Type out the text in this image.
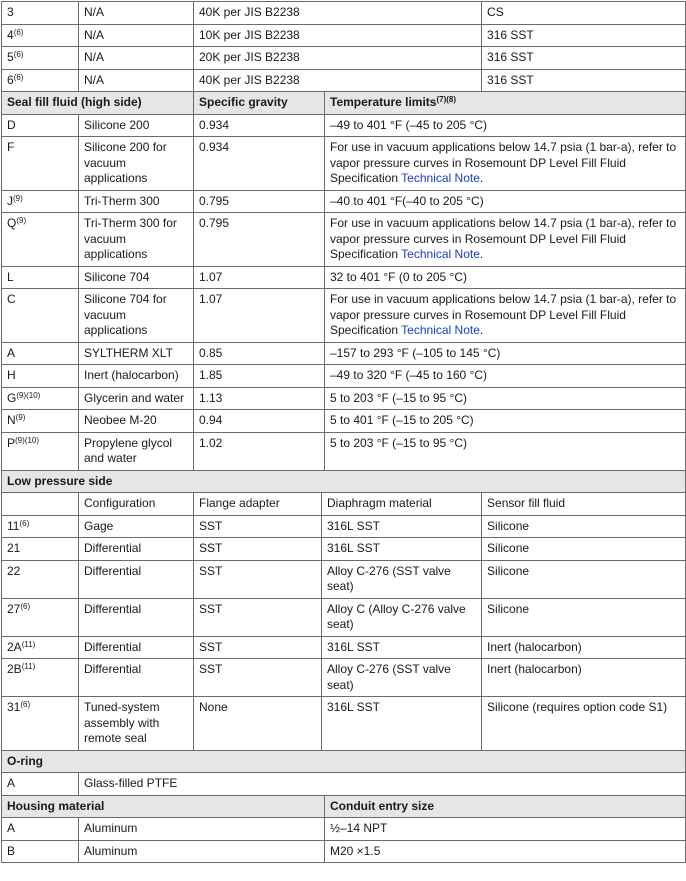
3	N/A	40K per JIS B2238			CS
4$^{(6)}$	N/A	10K per JIS B2238			316 SST
5$^{(6)}$	N/A	20K per JIS B2238			316 SST
6$^{(6)}$	N/A	40K per JIS B2238			316 SST
Seal fill fluid (high side)		Specific gravity		Temperature limits$^{(7)(8)}$
D	Silicone 200	0.934		–49 to 401 °F (–45 to 205 °C)	
F	Silicone 200 for vacuum applications	0.934		For use in vacuum applications below 14.7 psia (1 bar-a), refer to vapor pressure curves in Rosemount DP Level Fill Fluid Specification Technical Note.	
$J^{(9)}$	Tri-Therm 300	0.795		–40 to 401 °F(–40 to 205 °C)	
$Q^{(9)}$	Tri-Therm 300 for vacuum applications	0.795		For use in vacuum applications below 14.7 psia (1 bar-a), refer to vapor pressure curves in Rosemount DP Level Fill Fluid Specification Technical Note.	
L	Silicone 704	1.07		32 to 401 °F (0 to 205 °C)	
C	Silicone 704 for vacuum applications	1.07		For use in vacuum applications below 14.7 psia (1 bar-a), refer to vapor pressure curves in Rosemount DP Level Fill Fluid Specification Technical Note.	
A	SYLTHERM XLT	0.85		–157 to 293 °F (–105 to 145 °C)	
H	Inert (halocarbon)	1.85		–49 to 320 °F (–45 to 160 °C)	
$G^{(9)(10)}$	Glycerin and water	1.13		5 to 203 °F (–15 to 95 °C)	
$N^{(9)}$	Neobee M-20	0.94		5 to 401 °F (–15 to 205 °C)	
$P^{(9)(10)}$	Propylene glycol and water	1.02		5 to 203 °F (–15 to 95 °C)	
Low pressure side					
	Configuration	Flange adapter	Diaphragm material		Sensor fill fluid
11$^{(6)}$	Gage	SST	316L SST		Silicone
21	Differential	SST	316L SST		Silicone
22	Differential	SST	Alloy C-276 (SST valve seat)		Silicone
27$^{(6)}$	Differential	SST	Alloy C (Alloy C-276 valve seat)		Silicone
$2A^{(11)}$	Differential	SST	316L SST		Inert (halocarbon)
$2B^{(11)}$	Differential	SST	Alloy C-276 (SST valve seat)		Inert (halocarbon)
31$^{(6)}$	Tuned-system assembly with remote seal	None	316L SST		Silicone (requires option code S1)
O-ring					
A	Glass-filled PTFE				
Housing material				Conduit entry size	
A	Aluminum			½–14 NPT	
B	Aluminum			M20 ×1.5	
